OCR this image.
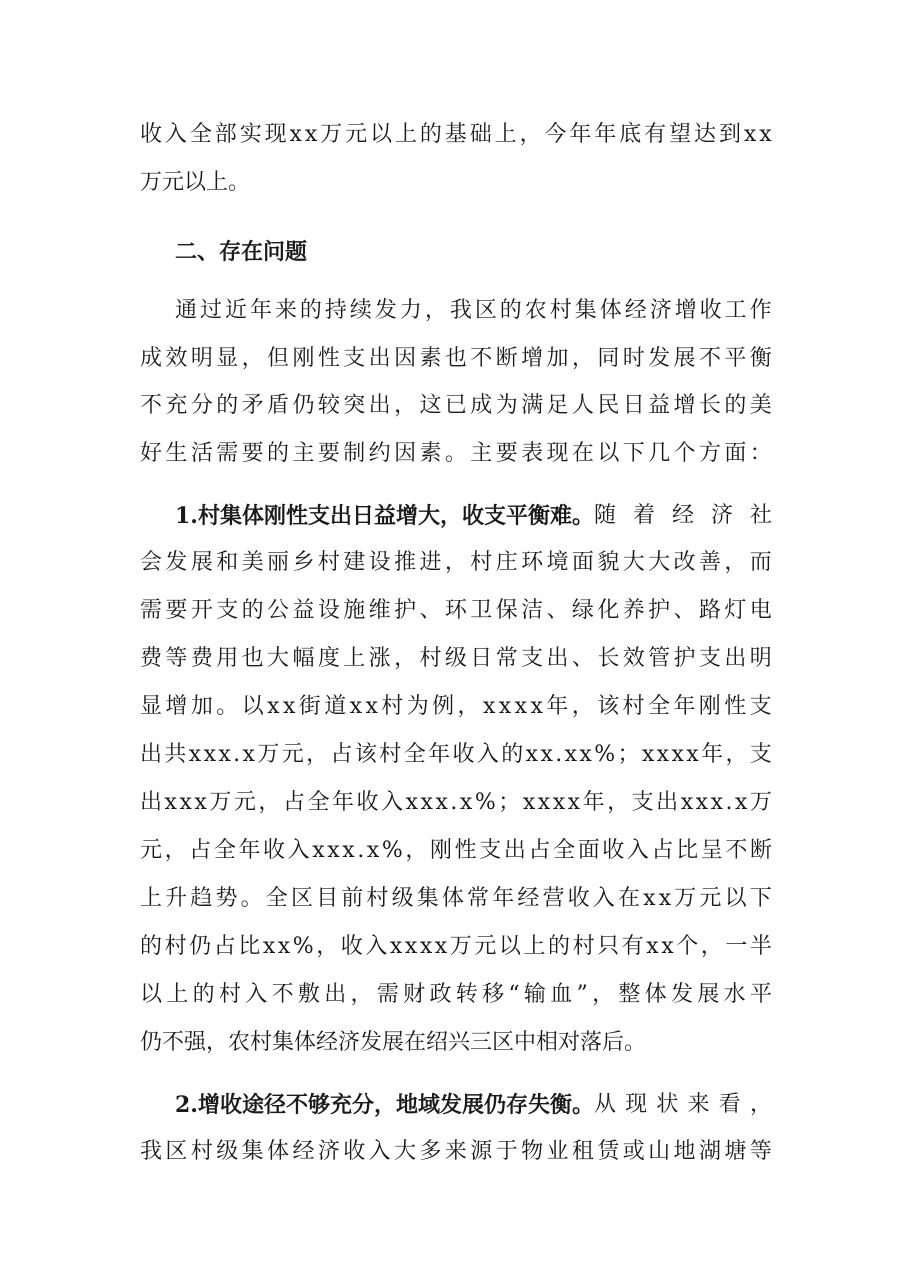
收 入 全 部 实 现 x x 万 元 以 上 的 基 础 上 ， 今 年 年 底 有 望 达 到 x x
万元以上。
二、存在问题
通 过 近 年 来 的 持 续 发 力 ， 我 区 的 农 村 集 体 经 济 增 收 工 作
成 效 明 显 ， 但 刚 性 支 出 因 素 也 不 断 增 加 ， 同 时 发 展 不 平 衡
不 充 分 的 矛 盾 仍 较 突 出 ， 这 已 成 为 满 足 人 民 日 益 增 长 的 美
好 生 活 需 要 的 主 要 制 约 因 素 。 主 要 表 现 在 以 下 几 个 方 面 ：
1.村集体刚性支出日益增大，收支平衡难。 随 着 经 济 社
会 发 展 和 美 丽 乡 村 建 设 推 进 ， 村 庄 环 境 面 貌 大 大 改 善 ， 而
需 要 开 支 的 公 益 设 施 维 护 、 环 卫 保 洁 、 绿 化 养 护 、 路 灯 电
费 等 费 用 也 大 幅 度 上 涨 ， 村 级 日 常 支 出 、 长 效 管 护 支 出 明
显 增 加 。 以 x x 街 道 x x 村 为 例 ， x x x x 年 ， 该 村 全 年 刚 性 支
出 共 x x x . x 万 元 ， 占 该 村 全 年 收 入 的 x x . x x % ； x x x x 年 ， 支
出 x x x 万 元 ， 占 全 年 收 入 x x x . x % ； x x x x 年 ， 支 出 x x x . x 万
元 ， 占 全 年 收 入 x x x . x % ， 刚 性 支 出 占 全 面 收 入 占 比 呈 不 断
上 升 趋 势 。 全 区 目 前 村 级 集 体 常 年 经 营 收 入 在 x x 万 元 以 下
的 村 仍 占 比 x x % ， 收 入 x x x x 万 元 以 上 的 村 只 有 x x 个 ， 一 半
以 上 的 村 入 不 敷 出 ， 需 财 政 转 移 “ 输 血 ” ， 整 体 发 展 水 平
仍不强，农村集体经济发展在绍兴三区中相对落后。
2.增收途径不够充分，地域发展仍存失衡。 从 现 状 来 看 ，
我 区 村 级 集 体 经 济 收 入 大 多 来 源 于 物 业 租 赁 或 山 地 湖 塘 等
